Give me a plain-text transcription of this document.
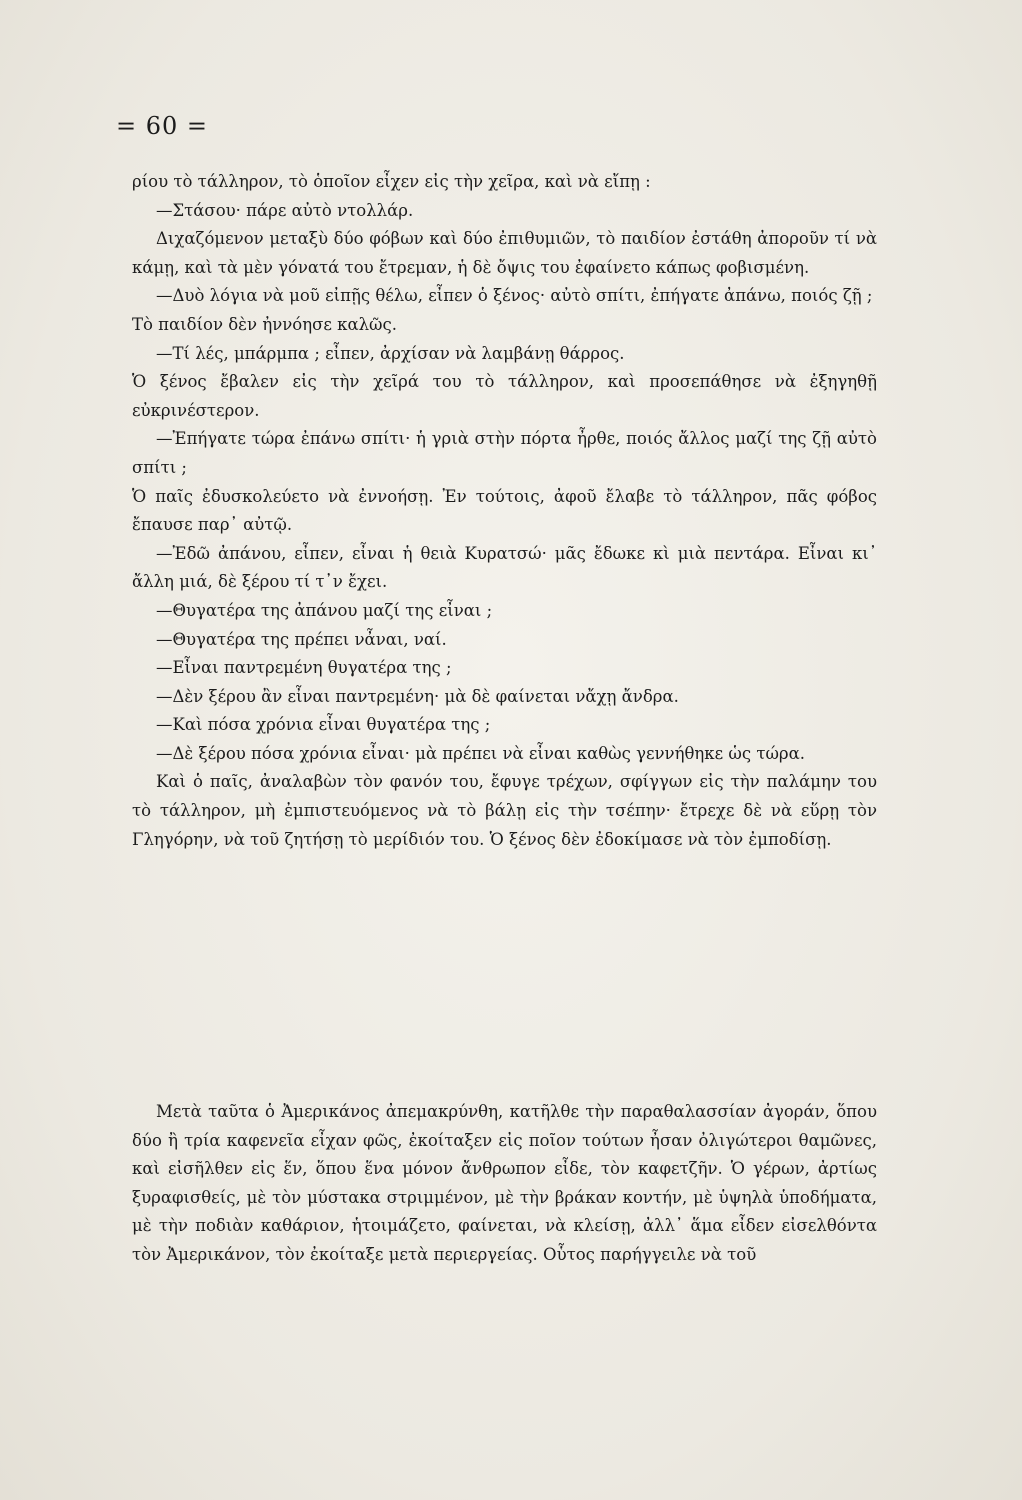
= 60 =

ρίου τὸ τάλληρον, τὸ ὁποῖον εἶχεν εἰς τὴν χεῖρα, καὶ νὰ εἴπῃ :

—Στάσου· πάρε αὐτὸ ντολλάρ.

Διχαζόμενον μεταξὺ δύο φόβων καὶ δύο ἐπιθυμιῶν, τὸ παιδίον ἐστάθη ἀποροῦν τί νὰ κάμῃ, καὶ τὰ μὲν γόνατά του ἔτρεμαν, ἡ δὲ ὄψις του ἐφαίνετο κάπως φοβισμένη.

—Δυὸ λόγια νὰ μοῦ εἰπῇς θέλω, εἶπεν ὁ ξένος· αὐτὸ σπίτι, ἐπήγατε ἀπάνω, ποιός ζῇ ;

Τὸ παιδίον δὲν ἠννόησε καλῶς.

—Τί λές, μπάρμπα ; εἶπεν, ἀρχίσαν νὰ λαμβάνῃ θάρρος.

Ὁ ξένος ἔβαλεν εἰς τὴν χεῖρά του τὸ τάλληρον, καὶ προσεπάθησε νὰ ἐξηγηθῇ εὐκρινέστερον.

—Ἐπήγατε τώρα ἐπάνω σπίτι· ἡ γριὰ στὴν πόρτα ἦρθε, ποιός ἄλλος μαζί της ζῇ αὐτὸ σπίτι ;

Ὁ παῖς ἐδυσκολεύετο νὰ ἐννοήσῃ. Ἐν τούτοις, ἀφοῦ ἔλαβε τὸ τάλληρον, πᾶς φόβος ἔπαυσε παρ᾽ αὐτῷ.

—Ἐδῶ ἀπάνου, εἶπεν, εἶναι ἡ θειὰ Κυρατσώ· μᾶς ἔδωκε κὶ μιὰ πεντάρα. Εἶναι κι᾽ ἄλλη μιά, δὲ ξέρου τί τ᾽ν ἔχει.

—Θυγατέρα της ἀπάνου μαζί της εἶναι ;

—Θυγατέρα της πρέπει νἆναι, ναί.

—Εἶναι παντρεμένη θυγατέρα της ;

—Δὲν ξέρου ἂν εἶναι παντρεμένη· μὰ δὲ φαίνεται νἄχῃ ἄνδρα.

—Καὶ πόσα χρόνια εἶναι θυγατέρα της ;

—Δὲ ξέρου πόσα χρόνια εἶναι· μὰ πρέπει νὰ εἶναι καθὼς γεννήθηκε ὡς τώρα.

Καὶ ὁ παῖς, ἀναλαβὼν τὸν φανόν του, ἔφυγε τρέχων, σφίγγων εἰς τὴν παλάμην του τὸ τάλληρον, μὴ ἐμπιστευόμενος νὰ τὸ βάλῃ εἰς τὴν τσέπην· ἔτρεχε δὲ νὰ εὕρῃ τὸν Γληγόρην, νὰ τοῦ ζητήσῃ τὸ μερίδιόν του. Ὁ ξένος δὲν ἐδοκίμασε νὰ τὸν ἐμποδίσῃ.

Μετὰ ταῦτα ὁ Ἀμερικάνος ἀπεμακρύνθη, κατῆλθε τὴν παραθαλασσίαν ἀγοράν, ὅπου δύο ἢ τρία καφενεῖα εἶχαν φῶς, ἐκοίταξεν εἰς ποῖον τούτων ἦσαν ὀλιγώτεροι θαμῶνες, καὶ εἰσῆλθεν εἰς ἕν, ὅπου ἕνα μόνον ἄνθρωπον εἶδε, τὸν καφετζῆν. Ὁ γέρων, ἀρτίως ξυραφισθείς, μὲ τὸν μύστακα στριμμένον, μὲ τὴν βράκαν κοντήν, μὲ ὑψηλὰ ὑποδήματα, μὲ τὴν ποδιὰν καθάριον, ἡτοιμάζετο, φαίνεται, νὰ κλείσῃ, ἀλλ᾽ ἅμα εἶδεν εἰσελθόντα τὸν Ἀμερικάνον, τὸν ἐκοίταξε μετὰ περιεργείας. Οὗτος παρήγγειλε νὰ τοῦ
